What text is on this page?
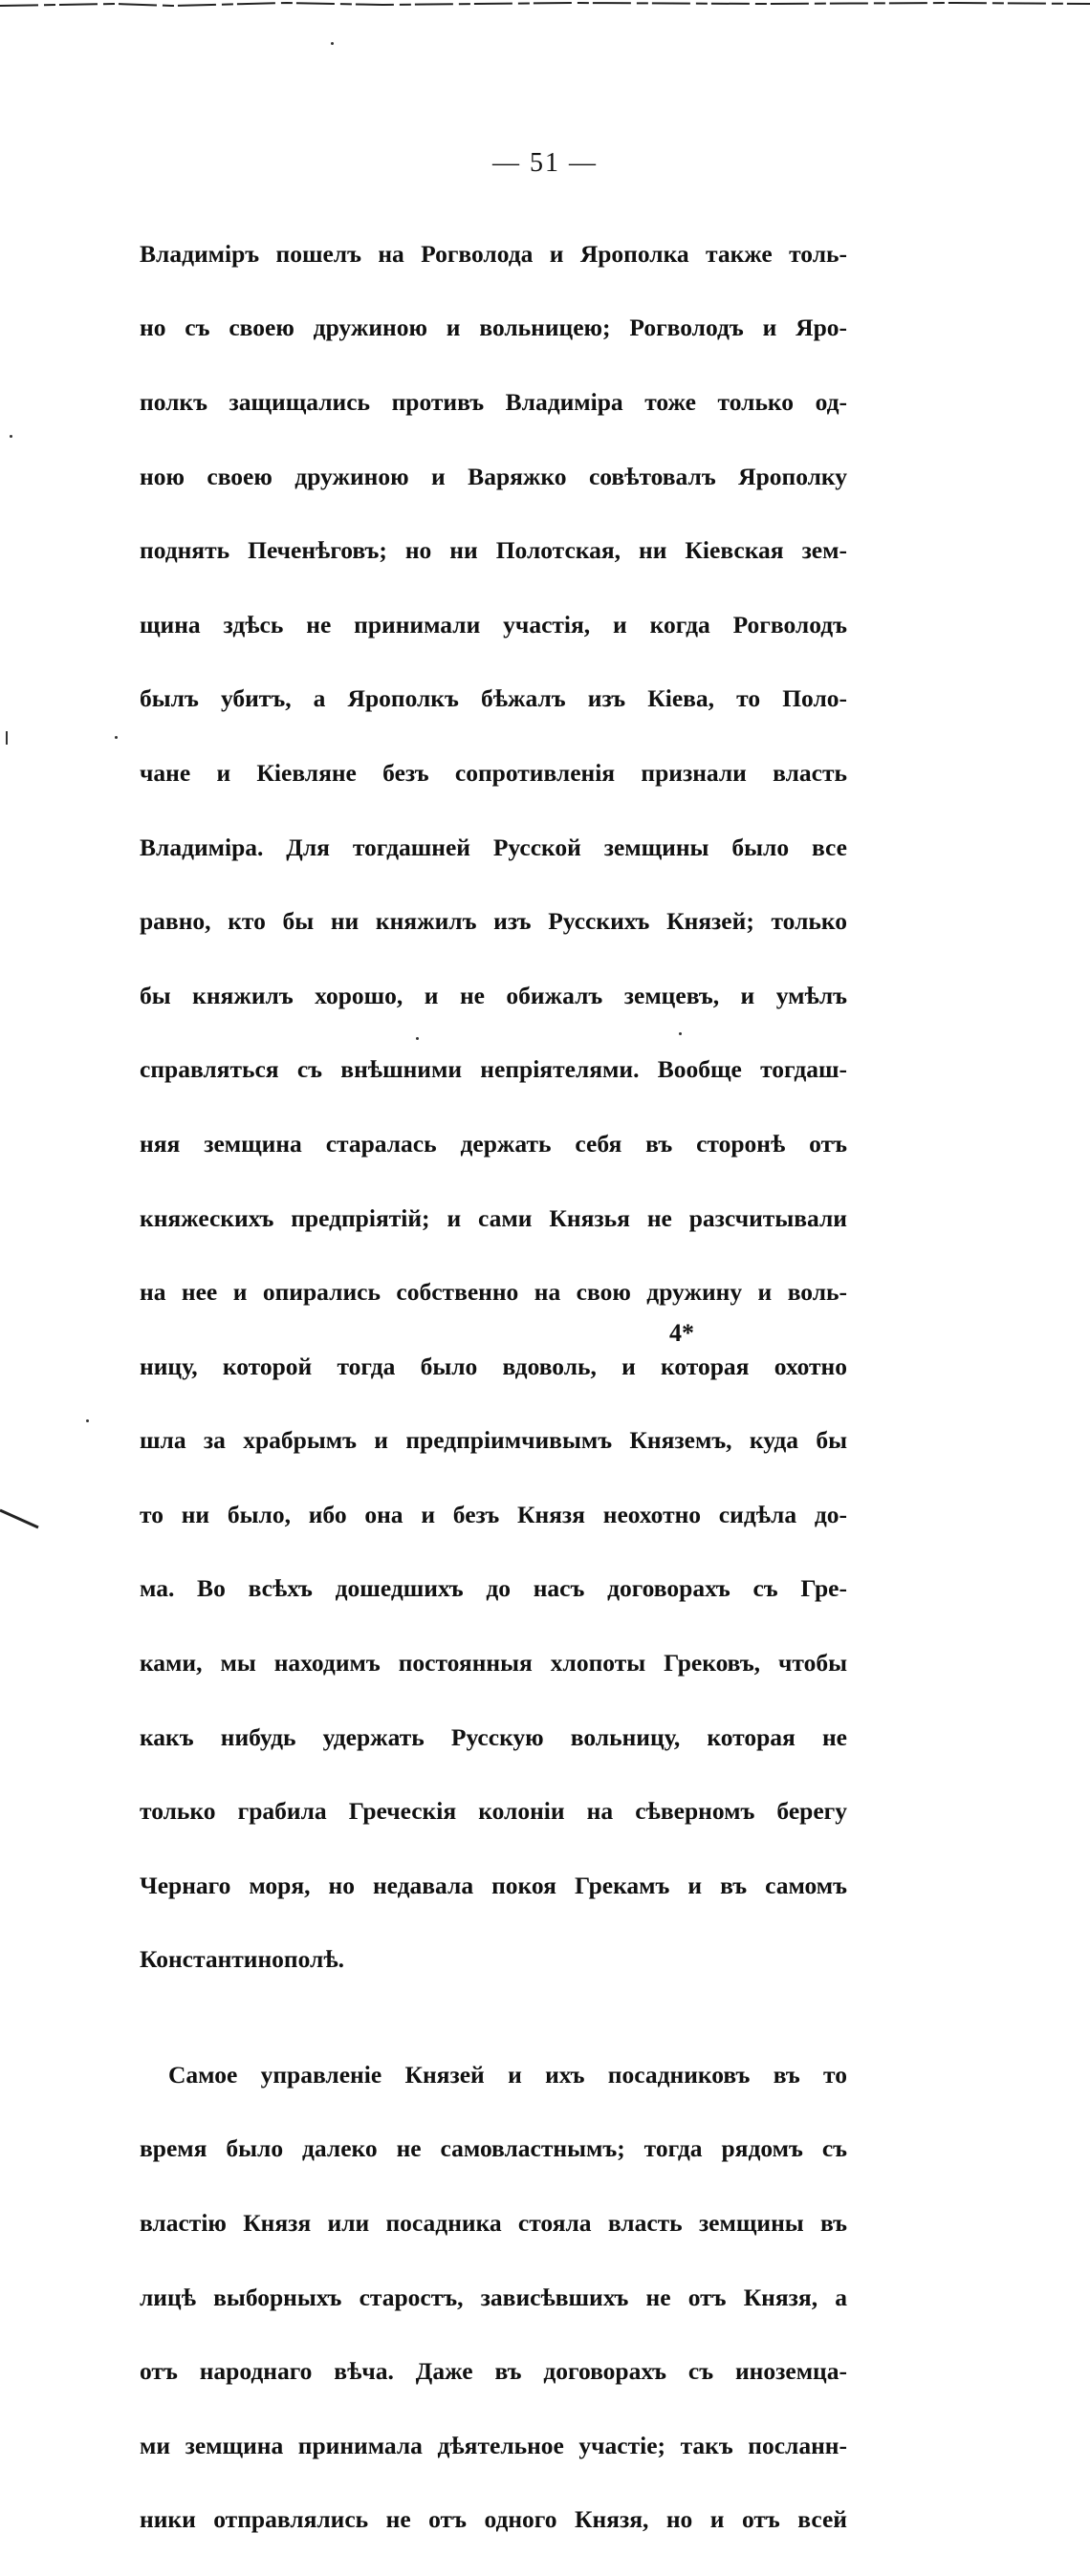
— 51 —

Владиміръ пошелъ на Рогволода и Ярополка также толь-

но съ своею дружиною и вольницею; Рогволодъ и Яро-

полкъ защищались противъ Владиміра тоже только од-

ною своею дружиною и Варяжко совѣтовалъ Ярополку

поднять Печенѣговъ; но ни Полотская, ни Кіевская зем-

щина здѣсь не принимали участія, и когда Рогволодъ

былъ убитъ, а Ярополкъ бѣжалъ изъ Кіева, то Поло-

чане и Кіевляне безъ сопротивленія признали власть

Владиміра. Для тогдашней Русской земщины было все

равно, кто бы ни княжилъ изъ Русскихъ Князей; только

бы княжилъ хорошо, и не обижалъ земцевъ, и умѣлъ

справляться съ внѣшними непріятелями. Вообще тогдаш-

няя земщина старалась держать себя въ сторонѣ отъ

княжескихъ предпріятій; и сами Князья не разсчитывали

на нее и опирались собственно на свою дружину и воль-

ницу, которой тогда было вдоволь, и которая охотно

шла за храбрымъ и предпріимчивымъ Княземъ, куда бы

то ни было, ибо она и безъ Князя неохотно сидѣла до-

ма. Во всѣхъ дошедшихъ до насъ договорахъ съ Гре-

ками, мы находимъ постоянныя хлопоты Грековъ, чтобы

какъ нибудь удержать Русскую вольницу, которая не

только грабила Греческія колоніи на сѣверномъ берегу

Чернаго моря, но недавала покоя Грекамъ и въ самомъ

Константинополѣ.

Самое управленіе Князей и ихъ посадниковъ въ то

время было далеко не самовластнымъ; тогда рядомъ съ

властію Князя или посадника стояла власть земщины въ

лицѣ выборныхъ старостъ, зависѣвшихъ не отъ Князя, а

отъ народнаго вѣча. Даже въ договорахъ съ иноземца-

ми земщина принимала дѣятельное участіе; такъ посланн-

ники отправлялись не отъ одного Князя, но и отъ всей

4*
